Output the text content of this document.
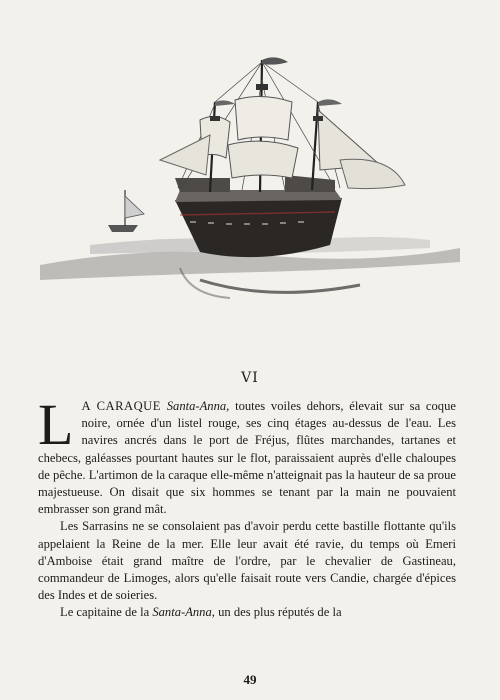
VI

L A CARAQUE Santa-Anna, toutes voiles dehors, élevait sur sa coque noire, ornée d'un listel rouge, ses cinq étages au-dessus de l'eau. Les navires ancrés dans le port de Fréjus, flûtes marchandes, tartanes et chebecs, galéasses pourtant hautes sur le flot, paraissaient auprès d'elle chaloupes de pêche. L'artimon de la caraque elle-même n'atteignait pas la hauteur de sa proue majestueuse. On disait que six hommes se tenant par la main ne pouvaient embrasser son grand mât.

Les Sarrasins ne se consolaient pas d'avoir perdu cette bastille flottante qu'ils appelaient la Reine de la mer. Elle leur avait été ravie, du temps où Emeri d'Amboise était grand maître de l'ordre, par le chevalier de Gastineau, commandeur de Limoges, alors qu'elle faisait route vers Candie, chargée d'épices des Indes et de soieries.

Le capitaine de la Santa-Anna, un des plus réputés de la

49
